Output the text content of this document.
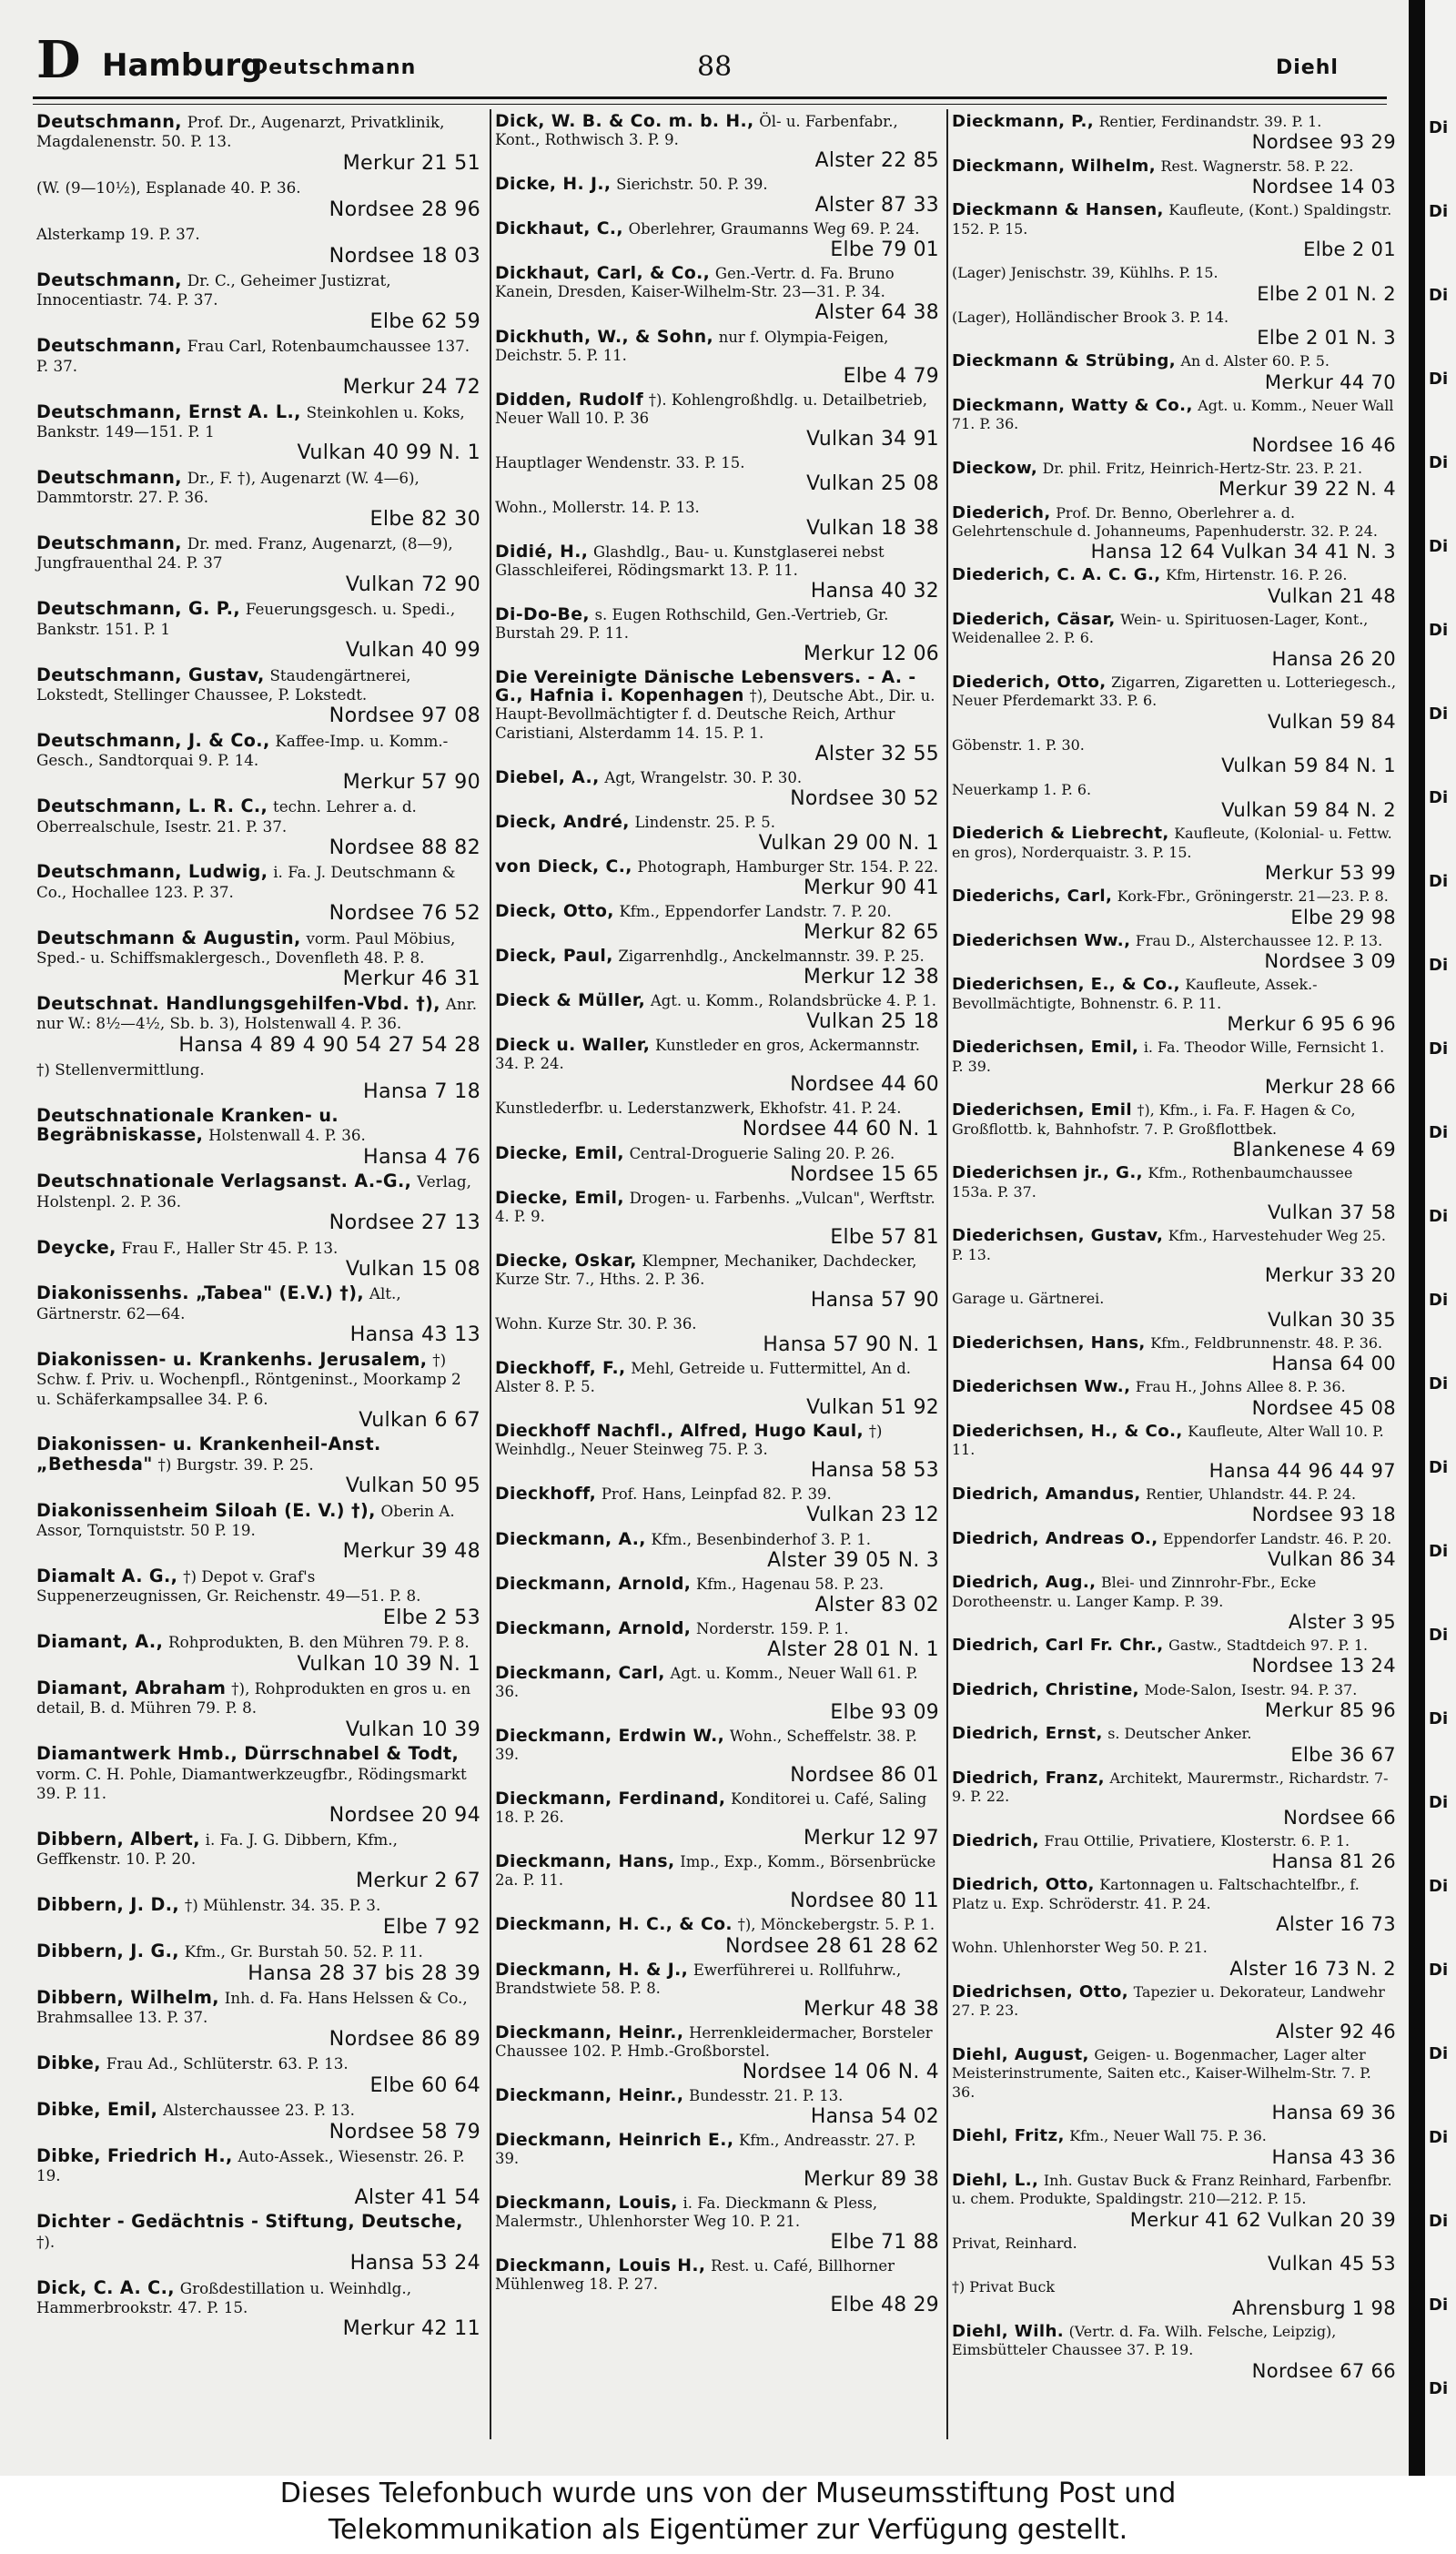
D Hamburg
Deutschmann	88	Diehl
Deutschmann, Prof. Dr., Augenarzt, Privatklinik, Magdalenenstr. 50. P. 13.
Merkur 21 51
(W. (9—10½), Esplanade 40. P. 36.
Nordsee 28 96
Alsterkamp 19. P. 37.
Nordsee 18 03
Deutschmann, Dr. C., Geheimer Justizrat, Innocentiastr. 74. P. 37.
Elbe 62 59
Deutschmann, Frau Carl, Rotenbaumchaussee 137. P. 37.
Merkur 24 72
Deutschmann, Ernst A. L., Steinkohlen u. Koks, Bankstr. 149—151. P. 1
Vulkan 40 99 N. 1
Deutschmann, Dr., F. †), Augenarzt (W. 4—6), Dammtorstr. 27. P. 36.
Elbe 82 30
Deutschmann, Dr. med. Franz, Augenarzt, (8—9), Jungfrauenthal 24. P. 37
Vulkan 72 90
Deutschmann, G. P., Feuerungsgesch. u. Spedi., Bankstr. 151. P. 1
Vulkan 40 99
Deutschmann, Gustav, Staudengärtnerei, Lokstedt, Stellinger Chaussee, P. Lokstedt.
Nordsee 97 08
Deutschmann, J. & Co., Kaffee-Imp. u. Komm.-Gesch., Sandtorquai 9. P. 14.
Merkur 57 90
Deutschmann, L. R. C., techn. Lehrer a. d. Oberrealschule, Isestr. 21. P. 37.
Nordsee 88 82
Deutschmann, Ludwig, i. Fa. J. Deutschmann & Co., Hochallee 123. P. 37.
Nordsee 76 52
Deutschmann & Augustin, vorm. Paul Möbius, Sped.- u. Schiffsmaklergesch., Dovenfleth 48. P. 8.
Merkur 46 31
Deutschnat. Handlungsgehilfen-Vbd. †), Anr. nur W.: 8½—4½, Sb. b. 3), Holstenwall 4. P. 36.
Hansa 4 89 4 90 54 27 54 28
†) Stellenvermittlung.
Hansa 7 18
Deutschnationale Kranken- u. Begräbniskasse, Holstenwall 4. P. 36.
Hansa 4 76
Deutschnationale Verlagsanst. A.-G., Verlag, Holstenpl. 2. P. 36.
Nordsee 27 13
Deycke, Frau F., Haller Str 45. P. 13.
Vulkan 15 08
Diakonissenhs. „Tabea" (E.V.) †), Alt., Gärtnerstr. 62—64.
Hansa 43 13
Diakonissen- u. Krankenhs. Jerusalem, †) Schw. f. Priv. u. Wochenpfl., Röntgeninst., Moorkamp 2 u. Schäferkampsallee 34. P. 6.
Vulkan 6 67
Diakonissen- u. Krankenheil-Anst. „Bethesda" †) Burgstr. 39. P. 25.
Vulkan 50 95
Diakonissenheim Siloah (E. V.) †), Oberin A. Assor, Tornquiststr. 50 P. 19.
Merkur 39 48
Diamalt A. G., †) Depot v. Graf's Suppenerzeugnissen, Gr. Reichenstr. 49—51. P. 8.
Elbe 2 53
Diamant, A., Rohprodukten, B. den Mühren 79. P. 8.
Vulkan 10 39 N. 1
Diamant, Abraham †), Rohprodukten en gros u. en detail, B. d. Mühren 79. P. 8.
Vulkan 10 39
Diamantwerk Hmb., Dürrschnabel & Todt, vorm. C. H. Pohle, Diamantwerkzeugfbr., Rödingsmarkt 39. P. 11.
Nordsee 20 94
Dibbern, Albert, i. Fa. J. G. Dibbern, Kfm., Geffkenstr. 10. P. 20.
Merkur 2 67
Dibbern, J. D., †) Mühlenstr. 34. 35. P. 3.
Elbe 7 92
Dibbern, J. G., Kfm., Gr. Burstah 50. 52. P. 11.
Hansa 28 37 bis 28 39
Dibbern, Wilhelm, Inh. d. Fa. Hans Helssen & Co., Brahmsallee 13. P. 37.
Nordsee 86 89
Dibke, Frau Ad., Schlüterstr. 63. P. 13.
Elbe 60 64
Dibke, Emil, Alsterchaussee 23. P. 13.
Nordsee 58 79
Dibke, Friedrich H., Auto-Assek., Wiesenstr. 26. P. 19.
Alster 41 54
Dichter - Gedächtnis - Stiftung, Deutsche, †).
Hansa 53 24
Dick, C. A. C., Großdestillation u. Weinhdlg., Hammerbrookstr. 47. P. 15.
Merkur 42 11
Dick, W. B. & Co. m. b. H., Öl- u. Farbenfabr., Kont., Rothwisch 3. P. 9.
Alster 22 85
Dicke, H. J., Sierichstr. 50. P. 39.
Alster 87 33
Dickhaut, C., Oberlehrer, Graumanns Weg 69. P. 24.
Elbe 79 01
Dickhaut, Carl, & Co., Gen.-Vertr. d. Fa. Bruno Kanein, Dresden, Kaiser-Wilhelm-Str. 23—31. P. 34.
Alster 64 38
Dickhuth, W., & Sohn, nur f. Olympia-Feigen, Deichstr. 5. P. 11.
Elbe 4 79
Didden, Rudolf †). Kohlengroßhdlg. u. Detailbetrieb, Neuer Wall 10. P. 36
Vulkan 34 91
Hauptlager Wendenstr. 33. P. 15.
Vulkan 25 08
Wohn., Mollerstr. 14. P. 13.
Vulkan 18 38
Didié, H., Glashdlg., Bau- u. Kunstglaserei nebst Glasschleiferei, Rödingsmarkt 13. P. 11.
Hansa 40 32
Di-Do-Be, s. Eugen Rothschild, Gen.-Vertrieb, Gr. Burstah 29. P. 11.
Merkur 12 06
Die Vereinigte Dänische Lebensvers. - A. - G., Hafnia i. Kopenhagen †), Deutsche Abt., Dir. u. Haupt-Bevollmächtigter f. d. Deutsche Reich, Arthur Caristiani, Alsterdamm 14. 15. P. 1.
Alster 32 55
Diebel, A., Agt, Wrangelstr. 30. P. 30.
Nordsee 30 52
Dieck, André, Lindenstr. 25. P. 5.
Vulkan 29 00 N. 1
von Dieck, C., Photograph, Hamburger Str. 154. P. 22.
Merkur 90 41
Dieck, Otto, Kfm., Eppendorfer Landstr. 7. P. 20.
Merkur 82 65
Dieck, Paul, Zigarrenhdlg., Anckelmannstr. 39. P. 25.
Merkur 12 38
Dieck & Müller, Agt. u. Komm., Rolandsbrücke 4. P. 1.
Vulkan 25 18
Dieck u. Waller, Kunstleder en gros, Ackermannstr. 34. P. 24.
Nordsee 44 60
Kunstlederfbr. u. Lederstanzwerk, Ekhofstr. 41. P. 24.
Nordsee 44 60 N. 1
Diecke, Emil, Central-Droguerie Saling 20. P. 26.
Nordsee 15 65
Diecke, Emil, Drogen- u. Farbenhs. „Vulcan", Werftstr. 4. P. 9.
Elbe 57 81
Diecke, Oskar, Klempner, Mechaniker, Dachdecker, Kurze Str. 7., Hths. 2. P. 36.
Hansa 57 90
Wohn. Kurze Str. 30. P. 36.
Hansa 57 90 N. 1
Dieckhoff, F., Mehl, Getreide u. Futtermittel, An d. Alster 8. P. 5.
Vulkan 51 92
Dieckhoff Nachfl., Alfred, Hugo Kaul, †) Weinhdlg., Neuer Steinweg 75. P. 3.
Hansa 58 53
Dieckhoff, Prof. Hans, Leinpfad 82. P. 39.
Vulkan 23 12
Dieckmann, A., Kfm., Besenbinderhof 3. P. 1.
Alster 39 05 N. 3
Dieckmann, Arnold, Kfm., Hagenau 58. P. 23.
Alster 83 02
Dieckmann, Arnold, Norderstr. 159. P. 1.
Alster 28 01 N. 1
Dieckmann, Carl, Agt. u. Komm., Neuer Wall 61. P. 36.
Elbe 93 09
Dieckmann, Erdwin W., Wohn., Scheffelstr. 38. P. 39.
Nordsee 86 01
Dieckmann, Ferdinand, Konditorei u. Café, Saling 18. P. 26.
Merkur 12 97
Dieckmann, Hans, Imp., Exp., Komm., Börsenbrücke 2a. P. 11.
Nordsee 80 11
Dieckmann, H. C., & Co. †), Mönckebergstr. 5. P. 1.
Nordsee 28 61 28 62
Dieckmann, H. & J., Ewerführerei u. Rollfuhrw., Brandstwiete 58. P. 8.
Merkur 48 38
Dieckmann, Heinr., Herrenkleidermacher, Borsteler Chaussee 102. P. Hmb.-Großborstel.
Nordsee 14 06 N. 4
Dieckmann, Heinr., Bundesstr. 21. P. 13.
Hansa 54 02
Dieckmann, Heinrich E., Kfm., Andreasstr. 27. P. 39.
Merkur 89 38
Dieckmann, Louis, i. Fa. Dieckmann & Pless, Malermstr., Uhlenhorster Weg 10. P. 21.
Elbe 71 88
Dieckmann, Louis H., Rest. u. Café, Billhorner Mühlenweg 18. P. 27.
Elbe 48 29
Dieckmann, P., Rentier, Ferdinandstr. 39. P. 1.
Nordsee 93 29
Dieckmann, Wilhelm, Rest. Wagnerstr. 58. P. 22.
Nordsee 14 03
Dieckmann & Hansen, Kaufleute, (Kont.) Spaldingstr. 152. P. 15.
Elbe 2 01
(Lager) Jenischstr. 39, Kühlhs. P. 15.
Elbe 2 01 N. 2
(Lager), Holländischer Brook 3. P. 14.
Elbe 2 01 N. 3
Dieckmann & Strübing, An d. Alster 60. P. 5.
Merkur 44 70
Dieckmann, Watty & Co., Agt. u. Komm., Neuer Wall 71. P. 36.
Nordsee 16 46
Dieckow, Dr. phil. Fritz, Heinrich-Hertz-Str. 23. P. 21.
Merkur 39 22 N. 4
Diederich, Prof. Dr. Benno, Oberlehrer a. d. Gelehrtenschule d. Johanneums, Papenhuderstr. 32. P. 24.
Hansa 12 64 Vulkan 34 41 N. 3
Diederich, C. A. C. G., Kfm, Hirtenstr. 16. P. 26.
Vulkan 21 48
Diederich, Cäsar, Wein- u. Spirituosen-Lager, Kont., Weidenallee 2. P. 6.
Hansa 26 20
Diederich, Otto, Zigarren, Zigaretten u. Lotteriegesch., Neuer Pferdemarkt 33. P. 6.
Vulkan 59 84
Göbenstr. 1. P. 30.
Vulkan 59 84 N. 1
Neuerkamp 1. P. 6.
Vulkan 59 84 N. 2
Diederich & Liebrecht, Kaufleute, (Kolonial- u. Fettw. en gros), Norderquaistr. 3. P. 15.
Merkur 53 99
Diederichs, Carl, Kork-Fbr., Gröningerstr. 21—23. P. 8.
Elbe 29 98
Diederichsen Ww., Frau D., Alsterchaussee 12. P. 13.
Nordsee 3 09
Diederichsen, E., & Co., Kaufleute, Assek.-Bevollmächtigte, Bohnenstr. 6. P. 11.
Merkur 6 95 6 96
Diederichsen, Emil, i. Fa. Theodor Wille, Fernsicht 1. P. 39.
Merkur 28 66
Diederichsen, Emil †), Kfm., i. Fa. F. Hagen & Co, Großflottb. k, Bahnhofstr. 7. P. Großflottbek.
Blankenese 4 69
Diederichsen jr., G., Kfm., Rothenbaumchaussee 153a. P. 37.
Vulkan 37 58
Diederichsen, Gustav, Kfm., Harvestehuder Weg 25. P. 13.
Merkur 33 20
Garage u. Gärtnerei.
Vulkan 30 35
Diederichsen, Hans, Kfm., Feldbrunnenstr. 48. P. 36.
Hansa 64 00
Diederichsen Ww., Frau H., Johns Allee 8. P. 36.
Nordsee 45 08
Diederichsen, H., & Co., Kaufleute, Alter Wall 10. P. 11.
Hansa 44 96 44 97
Diedrich, Amandus, Rentier, Uhlandstr. 44. P. 24.
Nordsee 93 18
Diedrich, Andreas O., Eppendorfer Landstr. 46. P. 20.
Vulkan 86 34
Diedrich, Aug., Blei- und Zinnrohr-Fbr., Ecke Dorotheenstr. u. Langer Kamp. P. 39.
Alster 3 95
Diedrich, Carl Fr. Chr., Gastw., Stadtdeich 97. P. 1.
Nordsee 13 24
Diedrich, Christine, Mode-Salon, Isestr. 94. P. 37.
Merkur 85 96
Diedrich, Ernst, s. Deutscher Anker.
Elbe 36 67
Diedrich, Franz, Architekt, Maurermstr., Richardstr. 7-9. P. 22.
Nordsee 66
Diedrich, Frau Ottilie, Privatiere, Klosterstr. 6. P. 1.
Hansa 81 26
Diedrich, Otto, Kartonnagen u. Faltschachtelfbr., f. Platz u. Exp. Schröderstr. 41. P. 24.
Alster 16 73
Wohn. Uhlenhorster Weg 50. P. 21.
Alster 16 73 N. 2
Diedrichsen, Otto, Tapezier u. Dekorateur, Landwehr 27. P. 23.
Alster 92 46
Diehl, August, Geigen- u. Bogenmacher, Lager alter Meisterinstrumente, Saiten etc., Kaiser-Wilhelm-Str. 7. P. 36.
Hansa 69 36
Diehl, Fritz, Kfm., Neuer Wall 75. P. 36.
Hansa 43 36
Diehl, L., Inh. Gustav Buck & Franz Reinhard, Farbenfbr. u. chem. Produkte, Spaldingstr. 210—212. P. 15.
Merkur 41 62 Vulkan 20 39
Privat, Reinhard.
Vulkan 45 53
†) Privat Buck
Ahrensburg 1 98
Diehl, Wilh. (Vertr. d. Fa. Wilh. Felsche, Leipzig), Eimsbütteler Chaussee 37. P. 19.
Nordsee 67 66
Di
Di
Di
Di
Di
Di
Di
Di
Di
Di
Di
Di
Di
Di
Di
Di
Di
Di
Di
Di
Di
Di
Di
Di
Di
Di
Di
Di
Dieses Telefonbuch wurde uns von der Museumsstiftung Post und
Telekommunikation als Eigentümer zur Verfügung gestellt.
